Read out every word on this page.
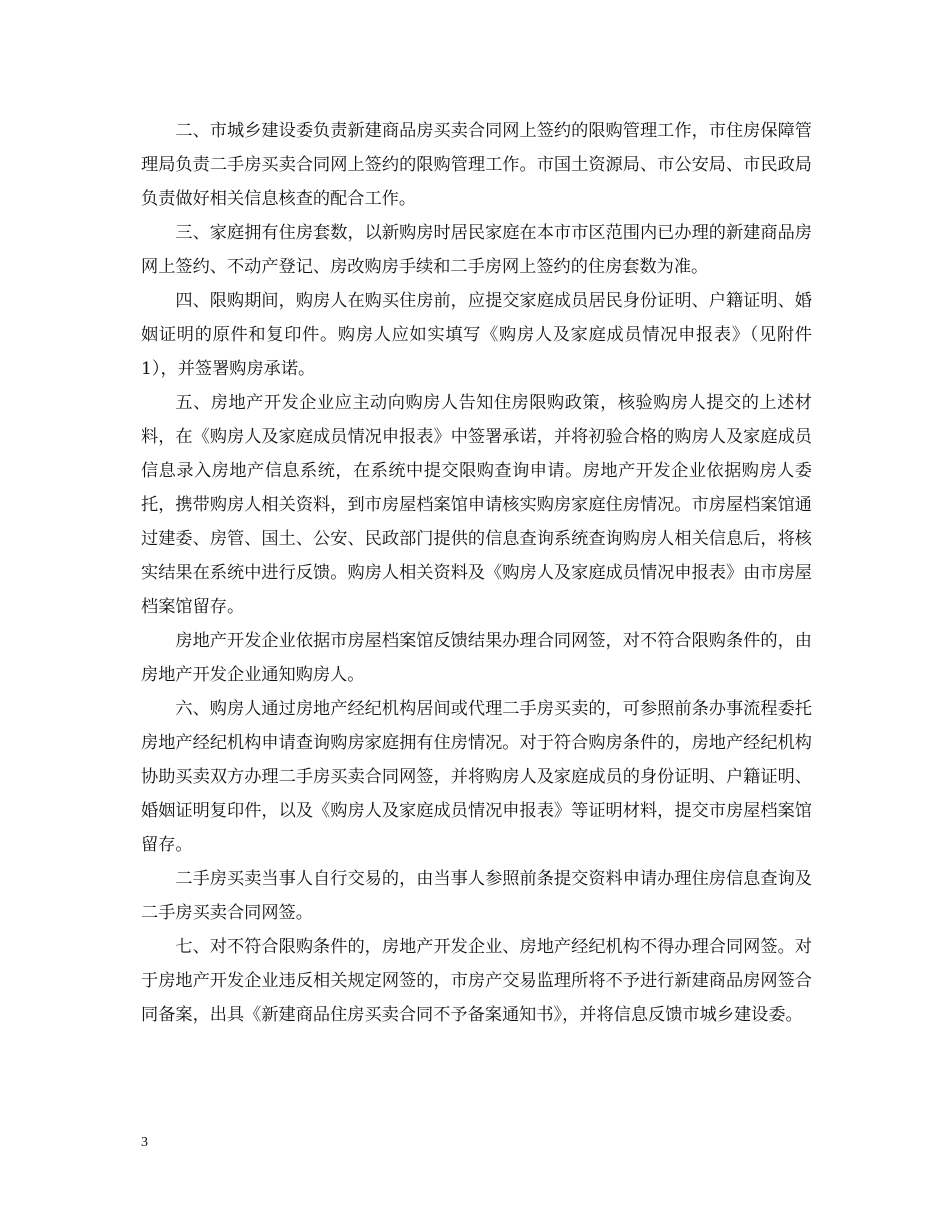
二、市城乡建设委负责新建商品房买卖合同网上签约的限购管理工作，市住房保障管理局负责二手房买卖合同网上签约的限购管理工作。市国土资源局、市公安局、市民政局负责做好相关信息核查的配合工作。

三、家庭拥有住房套数，以新购房时居民家庭在本市市区范围内已办理的新建商品房网上签约、不动产登记、房改购房手续和二手房网上签约的住房套数为准。

四、限购期间，购房人在购买住房前，应提交家庭成员居民身份证明、户籍证明、婚姻证明的原件和复印件。购房人应如实填写《购房人及家庭成员情况申报表》（见附件1），并签署购房承诺。

五、房地产开发企业应主动向购房人告知住房限购政策，核验购房人提交的上述材料，在《购房人及家庭成员情况申报表》中签署承诺，并将初验合格的购房人及家庭成员信息录入房地产信息系统，在系统中提交限购查询申请。房地产开发企业依据购房人委托，携带购房人相关资料，到市房屋档案馆申请核实购房家庭住房情况。市房屋档案馆通过建委、房管、国土、公安、民政部门提供的信息查询系统查询购房人相关信息后，将核实结果在系统中进行反馈。购房人相关资料及《购房人及家庭成员情况申报表》由市房屋档案馆留存。

房地产开发企业依据市房屋档案馆反馈结果办理合同网签，对不符合限购条件的，由房地产开发企业通知购房人。

六、购房人通过房地产经纪机构居间或代理二手房买卖的，可参照前条办事流程委托房地产经纪机构申请查询购房家庭拥有住房情况。对于符合购房条件的，房地产经纪机构协助买卖双方办理二手房买卖合同网签，并将购房人及家庭成员的身份证明、户籍证明、婚姻证明复印件，以及《购房人及家庭成员情况申报表》等证明材料，提交市房屋档案馆留存。

二手房买卖当事人自行交易的，由当事人参照前条提交资料申请办理住房信息查询及二手房买卖合同网签。

七、对不符合限购条件的，房地产开发企业、房地产经纪机构不得办理合同网签。对于房地产开发企业违反相关规定网签的，市房产交易监理所将不予进行新建商品房网签合同备案，出具《新建商品住房买卖合同不予备案通知书》，并将信息反馈市城乡建设委。

3
